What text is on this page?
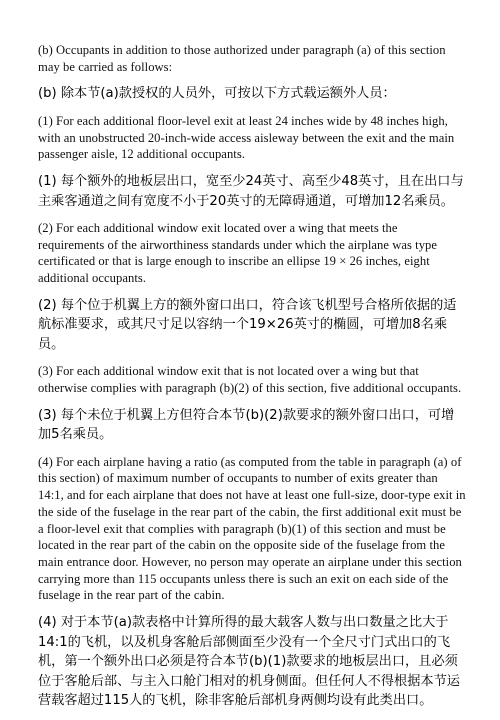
(b) Occupants in addition to those authorized under paragraph (a) of this section may be carried as follows:

(b) 除本节(a)款授权的人员外，可按以下方式载运额外人员：

(1) For each additional floor-level exit at least 24 inches wide by 48 inches high, with an unobstructed 20-inch-wide access aisleway between the exit and the main passenger aisle, 12 additional occupants.

(1) 每个额外的地板层出口，宽至少24英寸、高至少48英寸，且在出口与主乘客通道之间有宽度不小于20英寸的无障碍通道，可增加12名乘员。

(2) For each additional window exit located over a wing that meets the requirements of the airworthiness standards under which the airplane was type certificated or that is large enough to inscribe an ellipse 19 × 26 inches, eight additional occupants.

(2) 每个位于机翼上方的额外窗口出口，符合该飞机型号合格所依据的适航标准要求，或其尺寸足以容纳一个19×26英寸的椭圆，可增加8名乘员。

(3) For each additional window exit that is not located over a wing but that otherwise complies with paragraph (b)(2) of this section, five additional occupants.

(3) 每个未位于机翼上方但符合本节(b)(2)款要求的额外窗口出口，可增加5名乘员。

(4) For each airplane having a ratio (as computed from the table in paragraph (a) of this section) of maximum number of occupants to number of exits greater than 14:1, and for each airplane that does not have at least one full-size, door-type exit in the side of the fuselage in the rear part of the cabin, the first additional exit must be a floor-level exit that complies with paragraph (b)(1) of this section and must be located in the rear part of the cabin on the opposite side of the fuselage from the main entrance door. However, no person may operate an airplane under this section carrying more than 115 occupants unless there is such an exit on each side of the fuselage in the rear part of the cabin.

(4) 对于本节(a)款表格中计算所得的最大载客人数与出口数量之比大于14:1的飞机，以及机身客舱后部侧面至少没有一个全尺寸门式出口的飞机，第一个额外出口必须是符合本节(b)(1)款要求的地板层出口，且必须位于客舱后部、与主入口舱门相对的机身侧面。但任何人不得根据本节运营载客超过115人的飞机，除非客舱后部机身两侧均设有此类出口。
